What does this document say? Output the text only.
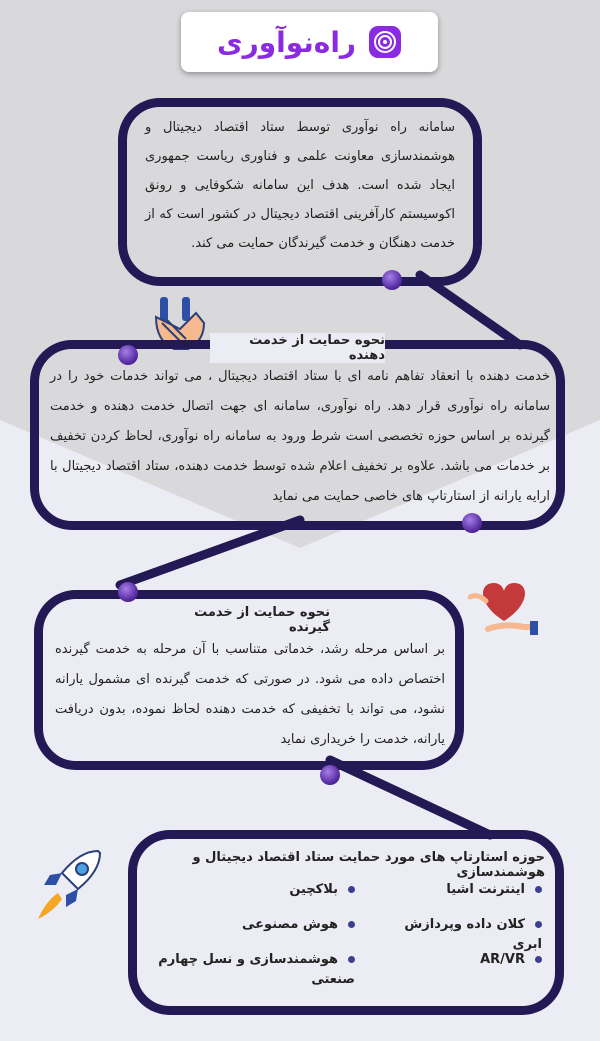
راه‌نوآوری
سامانه راه نوآوری توسط ستاد اقتصاد دیجیتال و هوشمندسازی معاونت علمی و فناوری ریاست جمهوری ایجاد شده است. هدف این سامانه شکوفایی و رونق اکوسیستم کارآفرینی اقتصاد دیجیتال در کشور است که از خدمت دهنگان و خدمت گیرندگان حمایت می کند.
نحوه حمایت از خدمت دهنده
خدمت دهنده با انعقاد تفاهم نامه ای با ستاد اقتصاد دیجیتال ، می تواند خدمات خود را در سامانه راه نوآوری قرار دهد. راه نوآوری، سامانه ای جهت اتصال خدمت دهنده و خدمت گیرنده بر اساس حوزه تخصصی است شرط ورود به سامانه راه نوآوری، لحاظ کردن تخفیف بر خدمات می باشد. علاوه بر تخفیف اعلام شده توسط خدمت دهنده، ستاد اقتصاد دیجیتال با ارایه یارانه از استارتاپ های خاصی حمایت می نماید
نحوه حمایت از خدمت گیرنده
بر اساس مرحله رشد، خدماتی متناسب با آن مرحله به خدمت گیرنده اختصاص داده می شود. در صورتی که خدمت گیرنده ای مشمول یارانه نشود، می تواند با تخفیفی که خدمت دهنده لحاظ نموده، بدون دریافت یارانه، خدمت را خریداری نماید
حوزه استارتاپ های مورد حمایت ستاد اقتصاد دیجیتال و هوشمندسازی
اینترنت اشیا
کلان داده وپردازش ابری
AR/VR
بلاکچین
هوش مصنوعی
هوشمندسازی و نسل چهارم صنعتی
